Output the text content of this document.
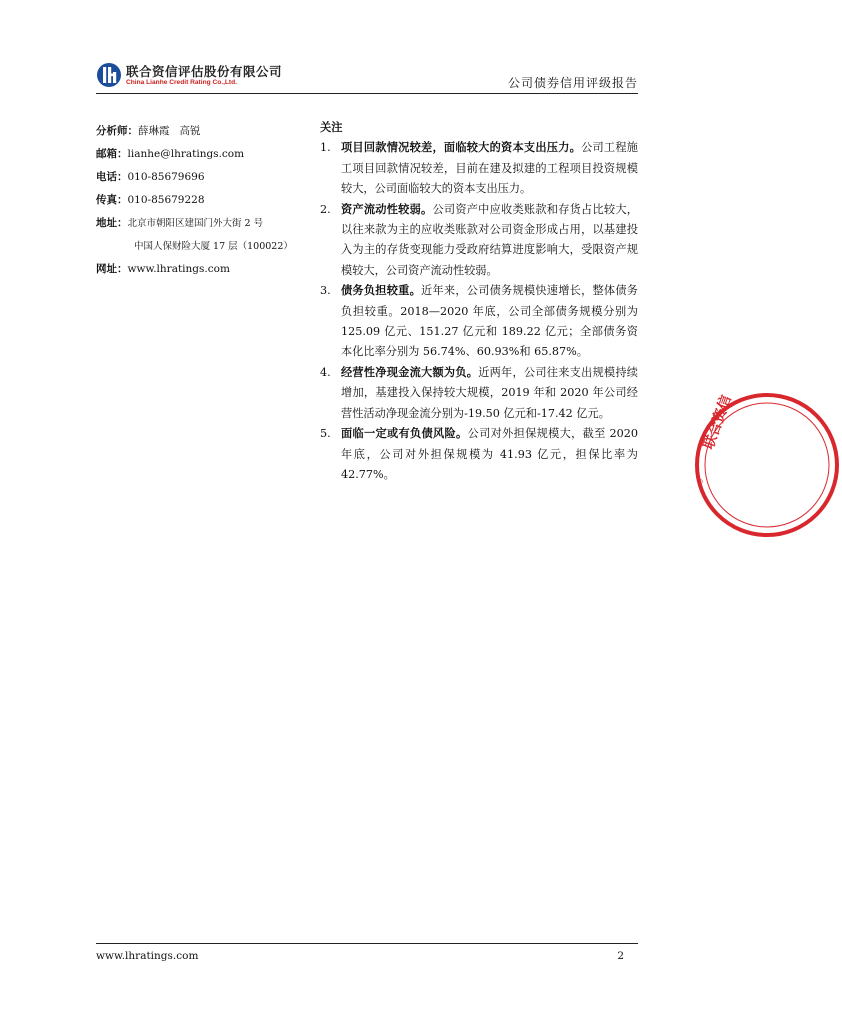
联合资信评估股份有限公司
China Lianhe Credit Rating Co.,Ltd.	公司债券信用评级报告
分析师：薛琳霞   高锐
邮箱：lianhe@lhratings.com
电话：010-85679696
传真：010-85679228
地址：北京市朝阳区建国门外大街 2 号
中国人保财险大厦 17 层（100022）
网址：www.lhratings.com
关注
1. 项目回款情况较差，面临较大的资本支出压力。公司工程施工项目回款情况较差，目前在建及拟建的工程项目投资规模较大，公司面临较大的资本支出压力。
2. 资产流动性较弱。公司资产中应收类账款和存货占比较大，以往来款为主的应收类账款对公司资金形成占用，以基建投入为主的存货变现能力受政府结算进度影响大，受限资产规模较大，公司资产流动性较弱。
3. 债务负担较重。近年来，公司债务规模快速增长，整体债务负担较重。2018—2020 年底，公司全部债务规模分别为 125.09 亿元、151.27 亿元和 189.22 亿元；全部债务资本化比率分别为 56.74%、60.93%和 65.87%。
4. 经营性净现金流大额为负。近两年，公司往来支出规模持续增加，基建投入保持较大规模，2019 年和 2020 年公司经营性活动净现金流分别为-19.50 亿元和-17.42 亿元。
5. 面临一定或有负债风险。公司对外担保规模大，截至 2020 年底，公司对外担保规模为 41.93 亿元，担保比率为 42.77%。
联合资信
◦
www.lhratings.com	2
